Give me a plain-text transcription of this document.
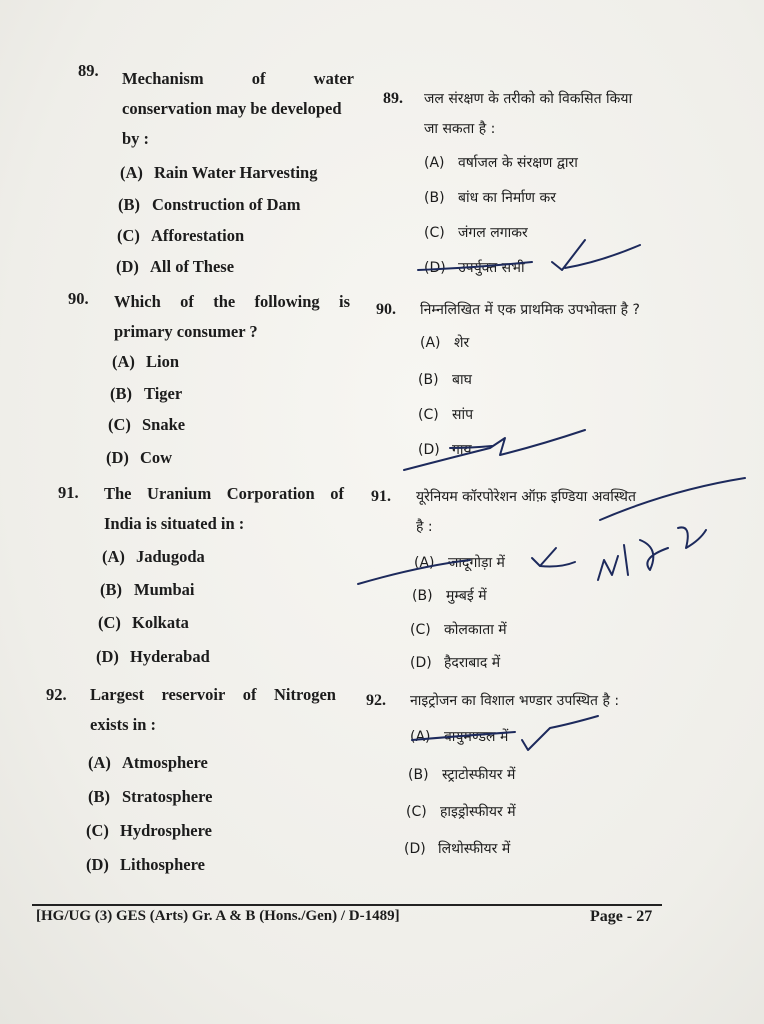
89. Mechanism	of	water
conservation may be developed
by :
(A) Rain Water Harvesting
(B) Construction of Dam
(C) Afforestation
(D) All of These
89. जल संरक्षण के तरीको को विकसित किया
जा सकता है :
(A) वर्षाजल के संरक्षण द्वारा
(B) बांध का निर्माण कर
(C) जंगल लगाकर
(D) उपर्युक्त सभी
90. Which of the following is
primary consumer ?
(A) Lion
(B) Tiger
(C) Snake
(D) Cow
90. निम्नलिखित में एक प्राथमिक उपभोक्ता है ?
(A) शेर
(B) बाघ
(C) सांप
(D) गाय
91. The Uranium Corporation of
India is situated in :
(A) Jadugoda
(B) Mumbai
(C) Kolkata
(D) Hyderabad
91. यूरेनियम कॉरपोरेशन ऑफ़ इण्डिया अवस्थित
है :
(A) जादूगोड़ा में
(B) मुम्बई में
(C) कोलकाता में
(D) हैदराबाद में
92. Largest reservoir of Nitrogen
exists in :
(A) Atmosphere
(B) Stratosphere
(C) Hydrosphere
(D) Lithosphere
92. नाइट्रोजन का विशाल भण्डार उपस्थित है :
(A) वायुमण्डल में
(B) स्ट्राटोस्फीयर में
(C) हाइड्रोस्फीयर में
(D) लिथोस्फीयर में
[HG/UG (3) GES (Arts) Gr. A & B (Hons./Gen) / D-1489]	Page - 27
